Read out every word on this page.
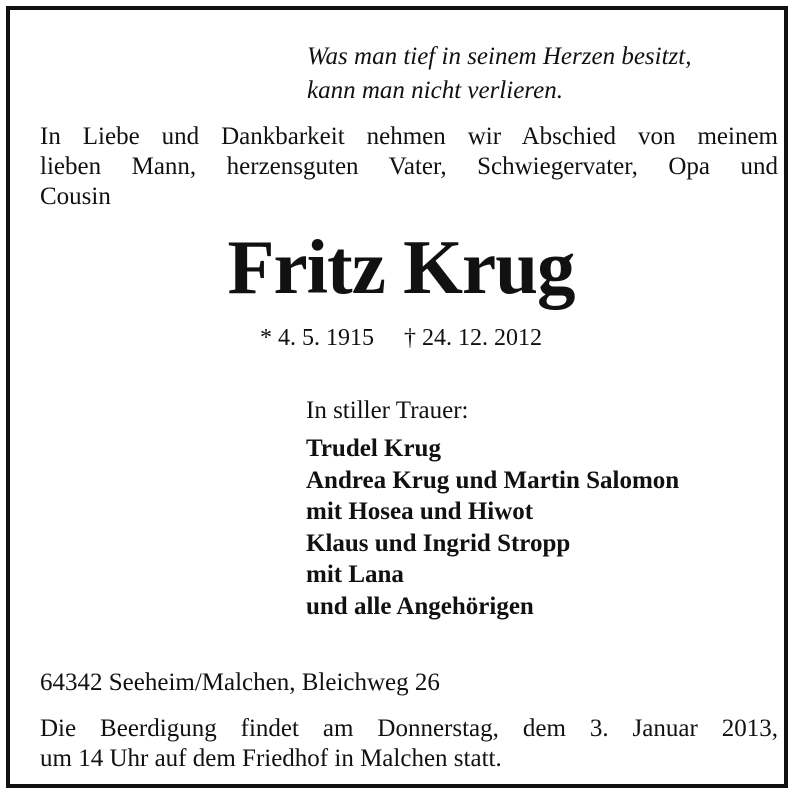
Was man tief in seinem Herzen besitzt,
kann man nicht verlieren.
In Liebe und Dankbarkeit nehmen wir Abschied von meinem
lieben Mann, herzensguten Vater, Schwiegervater, Opa und
Cousin
Fritz Krug
* 4. 5. 1915 † 24. 12. 2012
In stiller Trauer:
Trudel Krug
Andrea Krug und Martin Salomon
mit Hosea und Hiwot
Klaus und Ingrid Stropp
mit Lana
und alle Angehörigen
64342 Seeheim/Malchen, Bleichweg 26
Die Beerdigung findet am Donnerstag, dem 3. Januar 2013,
um 14 Uhr auf dem Friedhof in Malchen statt.
